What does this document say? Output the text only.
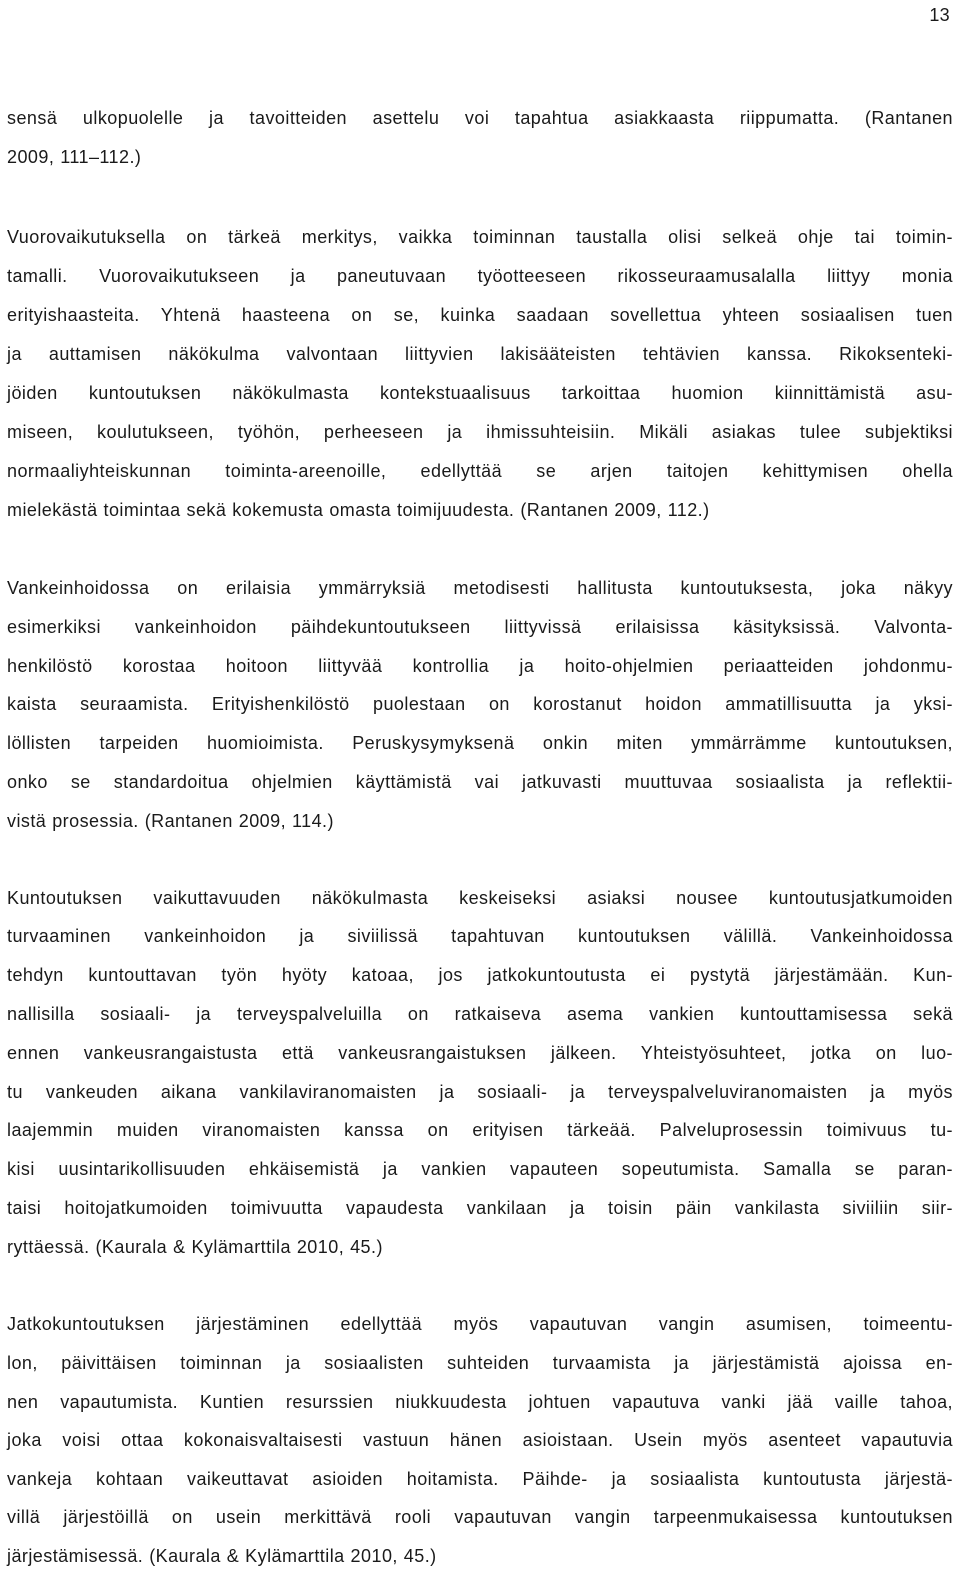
13
sensä ulkopuolelle ja tavoitteiden asettelu voi tapahtua asiakkaasta riippumatta. (Rantanen
2009, 111–112.)
Vuorovaikutuksella on tärkeä merkitys, vaikka toiminnan taustalla olisi selkeä ohje tai toimin-
tamalli. Vuorovaikutukseen ja paneutuvaan työotteeseen rikosseuraamusalalla liittyy monia
erityishaasteita. Yhtenä haasteena on se, kuinka saadaan sovellettua yhteen sosiaalisen tuen
ja auttamisen näkökulma valvontaan liittyvien lakisääteisten tehtävien kanssa. Rikoksenteki-
jöiden kuntoutuksen näkökulmasta kontekstuaalisuus tarkoittaa huomion kiinnittämistä asu-
miseen, koulutukseen, työhön, perheeseen ja ihmissuhteisiin. Mikäli asiakas tulee subjektiksi
normaaliyhteiskunnan toiminta-areenoille, edellyttää se arjen taitojen kehittymisen ohella
mielekästä toimintaa sekä kokemusta omasta toimijuudesta. (Rantanen 2009, 112.)
Vankeinhoidossa on erilaisia ymmärryksiä metodisesti hallitusta kuntoutuksesta, joka näkyy
esimerkiksi vankeinhoidon päihdekuntoutukseen liittyvissä erilaisissa käsityksissä. Valvonta-
henkilöstö korostaa hoitoon liittyvää kontrollia ja hoito-ohjelmien periaatteiden johdonmu-
kaista seuraamista. Erityishenkilöstö puolestaan on korostanut hoidon ammatillisuutta ja yksi-
löllisten tarpeiden huomioimista. Peruskysymyksenä onkin miten ymmärrämme kuntoutuksen,
onko se standardoitua ohjelmien käyttämistä vai jatkuvasti muuttuvaa sosiaalista ja reflektii-
vistä prosessia. (Rantanen 2009, 114.)
Kuntoutuksen vaikuttavuuden näkökulmasta keskeiseksi asiaksi nousee kuntoutusjatkumoiden
turvaaminen vankeinhoidon ja siviilissä tapahtuvan kuntoutuksen välillä. Vankeinhoidossa
tehdyn kuntouttavan työn hyöty katoaa, jos jatkokuntoutusta ei pystytä järjestämään. Kun-
nallisilla sosiaali- ja terveyspalveluilla on ratkaiseva asema vankien kuntouttamisessa sekä
ennen vankeusrangaistusta että vankeusrangaistuksen jälkeen. Yhteistyösuhteet, jotka on luo-
tu vankeuden aikana vankilaviranomaisten ja sosiaali- ja terveyspalveluviranomaisten ja myös
laajemmin muiden viranomaisten kanssa on erityisen tärkeää. Palveluprosessin toimivuus tu-
kisi uusintarikollisuuden ehkäisemistä ja vankien vapauteen sopeutumista. Samalla se paran-
taisi hoitojatkumoiden toimivuutta vapaudesta vankilaan ja toisin päin vankilasta siviiliin siir-
ryttäessä. (Kaurala & Kylämarttila 2010, 45.)
Jatkokuntoutuksen järjestäminen edellyttää myös vapautuvan vangin asumisen, toimeentu-
lon, päivittäisen toiminnan ja sosiaalisten suhteiden turvaamista ja järjestämistä ajoissa en-
nen vapautumista. Kuntien resurssien niukkuudesta johtuen vapautuva vanki jää vaille tahoa,
joka voisi ottaa kokonaisvaltaisesti vastuun hänen asioistaan. Usein myös asenteet vapautuvia
vankeja kohtaan vaikeuttavat asioiden hoitamista. Päihde- ja sosiaalista kuntoutusta järjestä-
villä järjestöillä on usein merkittävä rooli vapautuvan vangin tarpeenmukaisessa kuntoutuksen
järjestämisessä. (Kaurala & Kylämarttila 2010, 45.)
